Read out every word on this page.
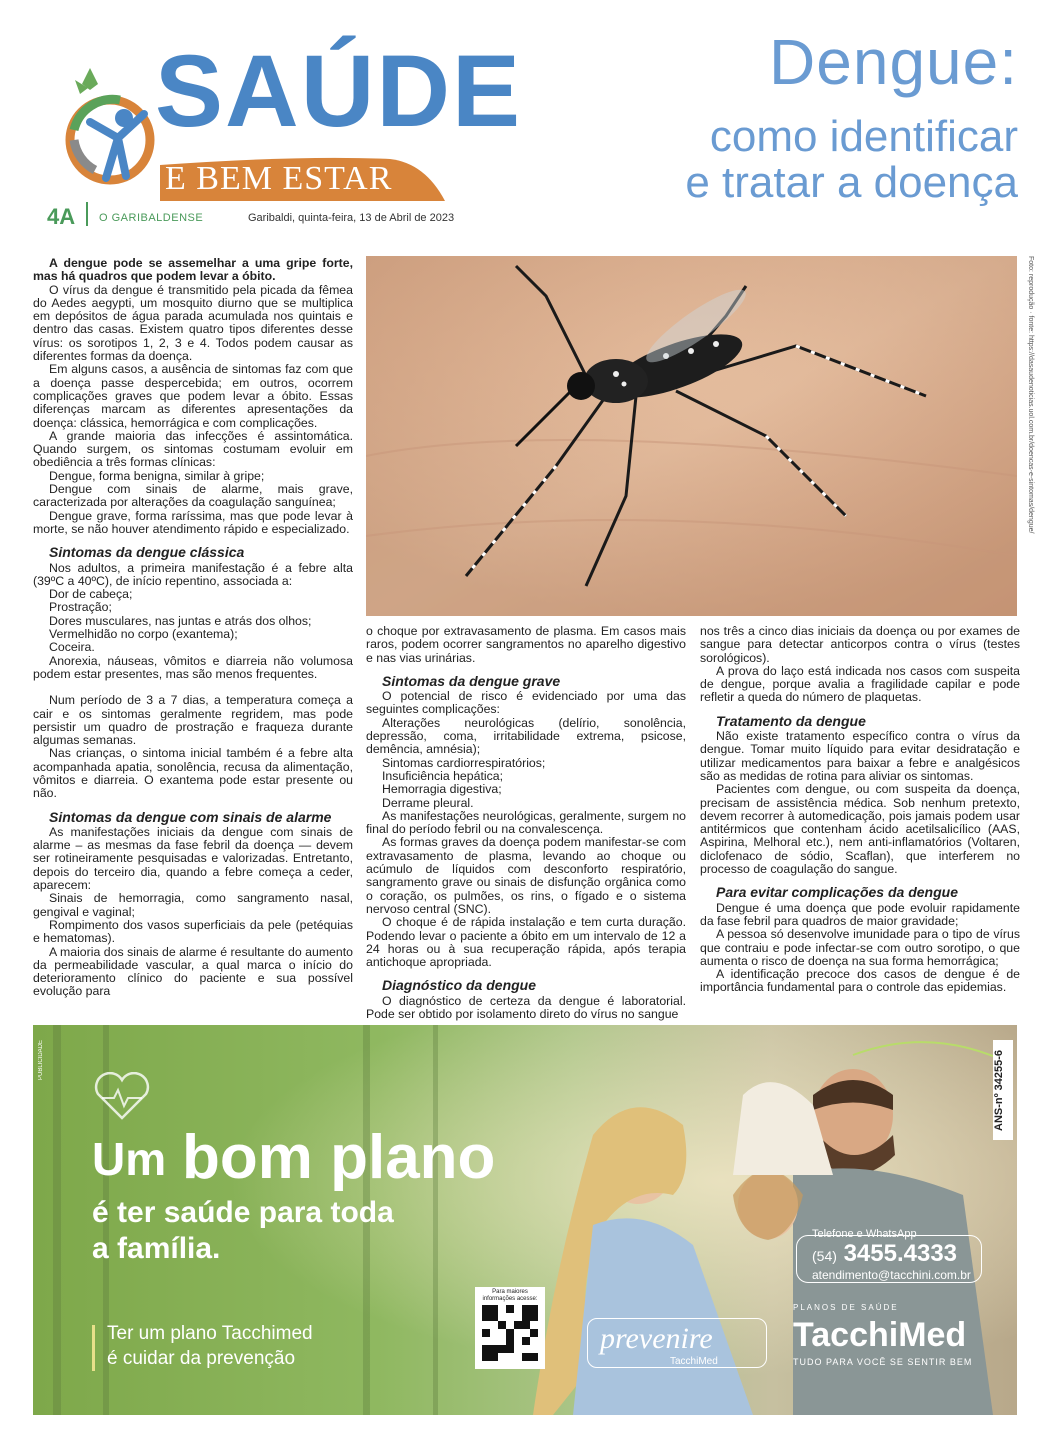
SAÚDE
E BEM ESTAR
4A O GARIBALDENSE	Garibaldi, quinta-feira, 13 de Abril de 2023
Dengue:
como identificar
e tratar a doença
Foto: reprodução · fonte: https://dasaudenoticias.uol.com.br/doencas-e-sintomas/dengue/

A dengue pode se assemelhar a uma gripe forte, mas há quadros que podem levar a óbito.

O vírus da dengue é transmitido pela picada da fêmea do Aedes aegypti, um mosquito diurno que se multiplica em depósitos de água parada acumulada nos quintais e dentro das casas. Existem quatro tipos diferentes desse vírus: os sorotipos 1, 2, 3 e 4. Todos podem causar as diferentes formas da doença.

Em alguns casos, a ausência de sintomas faz com que a doença passe despercebida; em outros, ocorrem complicações graves que podem levar a óbito. Essas diferenças marcam as diferentes apresentações da doença: clássica, hemorrágica e com complicações.

A grande maioria das infecções é assintomática. Quando surgem, os sintomas costumam evoluir em obediência a três formas clínicas:

Dengue, forma benigna, similar à gripe;

Dengue com sinais de alarme, mais grave, caracterizada por alterações da coagulação sanguínea;

Dengue grave, forma raríssima, mas que pode levar à morte, se não houver atendimento rápido e especializado.

Sintomas da dengue clássica

Nos adultos, a primeira manifestação é a febre alta (39ºC a 40ºC), de início repentino, associada a:

Dor de cabeça;

Prostração;

Dores musculares, nas juntas e atrás dos olhos;

Vermelhidão no corpo (exantema);

Coceira.

Anorexia, náuseas, vômitos e diarreia não volumosa podem estar presentes, mas são menos frequentes.

Num período de 3 a 7 dias, a temperatura começa a cair e os sintomas geralmente regridem, mas pode persistir um quadro de prostração e fraqueza durante algumas semanas.

Nas crianças, o sintoma inicial também é a febre alta acompanhada apatia, sonolência, recusa da alimentação, vômitos e diarreia. O exantema pode estar presente ou não.

Sintomas da dengue com sinais de alarme

As manifestações iniciais da dengue com sinais de alarme – as mesmas da fase febril da doença — devem ser rotineiramente pesquisadas e valorizadas. Entretanto, depois do terceiro dia, quando a febre começa a ceder, aparecem:

Sinais de hemorragia, como sangramento nasal, gengival e vaginal;

Rompimento dos vasos superficiais da pele (petéquias e hematomas).

A maioria dos sinais de alarme é resultante do aumento da permeabilidade vascular, a qual marca o início do deterioramento clínico do paciente e sua possível evolução para

o choque por extravasamento de plasma. Em casos mais raros, podem ocorrer sangramentos no aparelho digestivo e nas vias urinárias.

Sintomas da dengue grave

O potencial de risco é evidenciado por uma das seguintes complicações:

Alterações neurológicas (delírio, sonolência, depressão, coma, irritabilidade extrema, psicose, demência, amnésia);

Sintomas cardiorrespiratórios;

Insuficiência hepática;

Hemorragia digestiva;

Derrame pleural.

As manifestações neurológicas, geralmente, surgem no final do período febril ou na convalescença.

As formas graves da doença podem manifestar-se com extravasamento de plasma, levando ao choque ou acúmulo de líquidos com desconforto respiratório, sangramento grave ou sinais de disfunção orgânica como o coração, os pulmões, os rins, o fígado e o sistema nervoso central (SNC).

O choque é de rápida instalação e tem curta duração. Podendo levar o paciente a óbito em um intervalo de 12 a 24 horas ou à sua recuperação rápida, após terapia antichoque apropriada.

Diagnóstico da dengue

O diagnóstico de certeza da dengue é laboratorial. Pode ser obtido por isolamento direto do vírus no sangue

nos três a cinco dias iniciais da doença ou por exames de sangue para detectar anticorpos contra o vírus (testes sorológicos).

A prova do laço está indicada nos casos com suspeita de dengue, porque avalia a fragilidade capilar e pode refletir a queda do número de plaquetas.

Tratamento da dengue

Não existe tratamento específico contra o vírus da dengue. Tomar muito líquido para evitar desidratação e utilizar medicamentos para baixar a febre e analgésicos são as medidas de rotina para aliviar os sintomas.

Pacientes com dengue, ou com suspeita da doença, precisam de assistência médica. Sob nenhum pretexto, devem recorrer à automedicação, pois jamais podem usar antitérmicos que contenham ácido acetilsalicílico (AAS, Aspirina, Melhoral etc.), nem anti-inflamatórios (Voltaren, diclofenaco de sódio, Scaflan), que interferem no processo de coagulação do sangue.

Para evitar complicações da dengue

Dengue é uma doença que pode evoluir rapidamente da fase febril para quadros de maior gravidade;

A pessoa só desenvolve imunidade para o tipo de vírus que contraiu e pode infectar-se com outro sorotipo, o que aumenta o risco de doença na sua forma hemorrágica;

A identificação precoce dos casos de dengue é de importância fundamental para o controle das epidemias.

PUBLICIDADE
Um bom plano
é ter saúde para toda
a família.
Ter um plano Tacchimed
é cuidar da prevenção
Para maiores informações acesse:
ANS-nº 34255-6
Telefone e WhatsApp
(54) 3455.4333
atendimento@tacchini.com.br
prevenire
TacchiMed
PLANOS DE SAÚDE
TacchiMed
TUDO PARA VOCÊ SE SENTIR BEM
